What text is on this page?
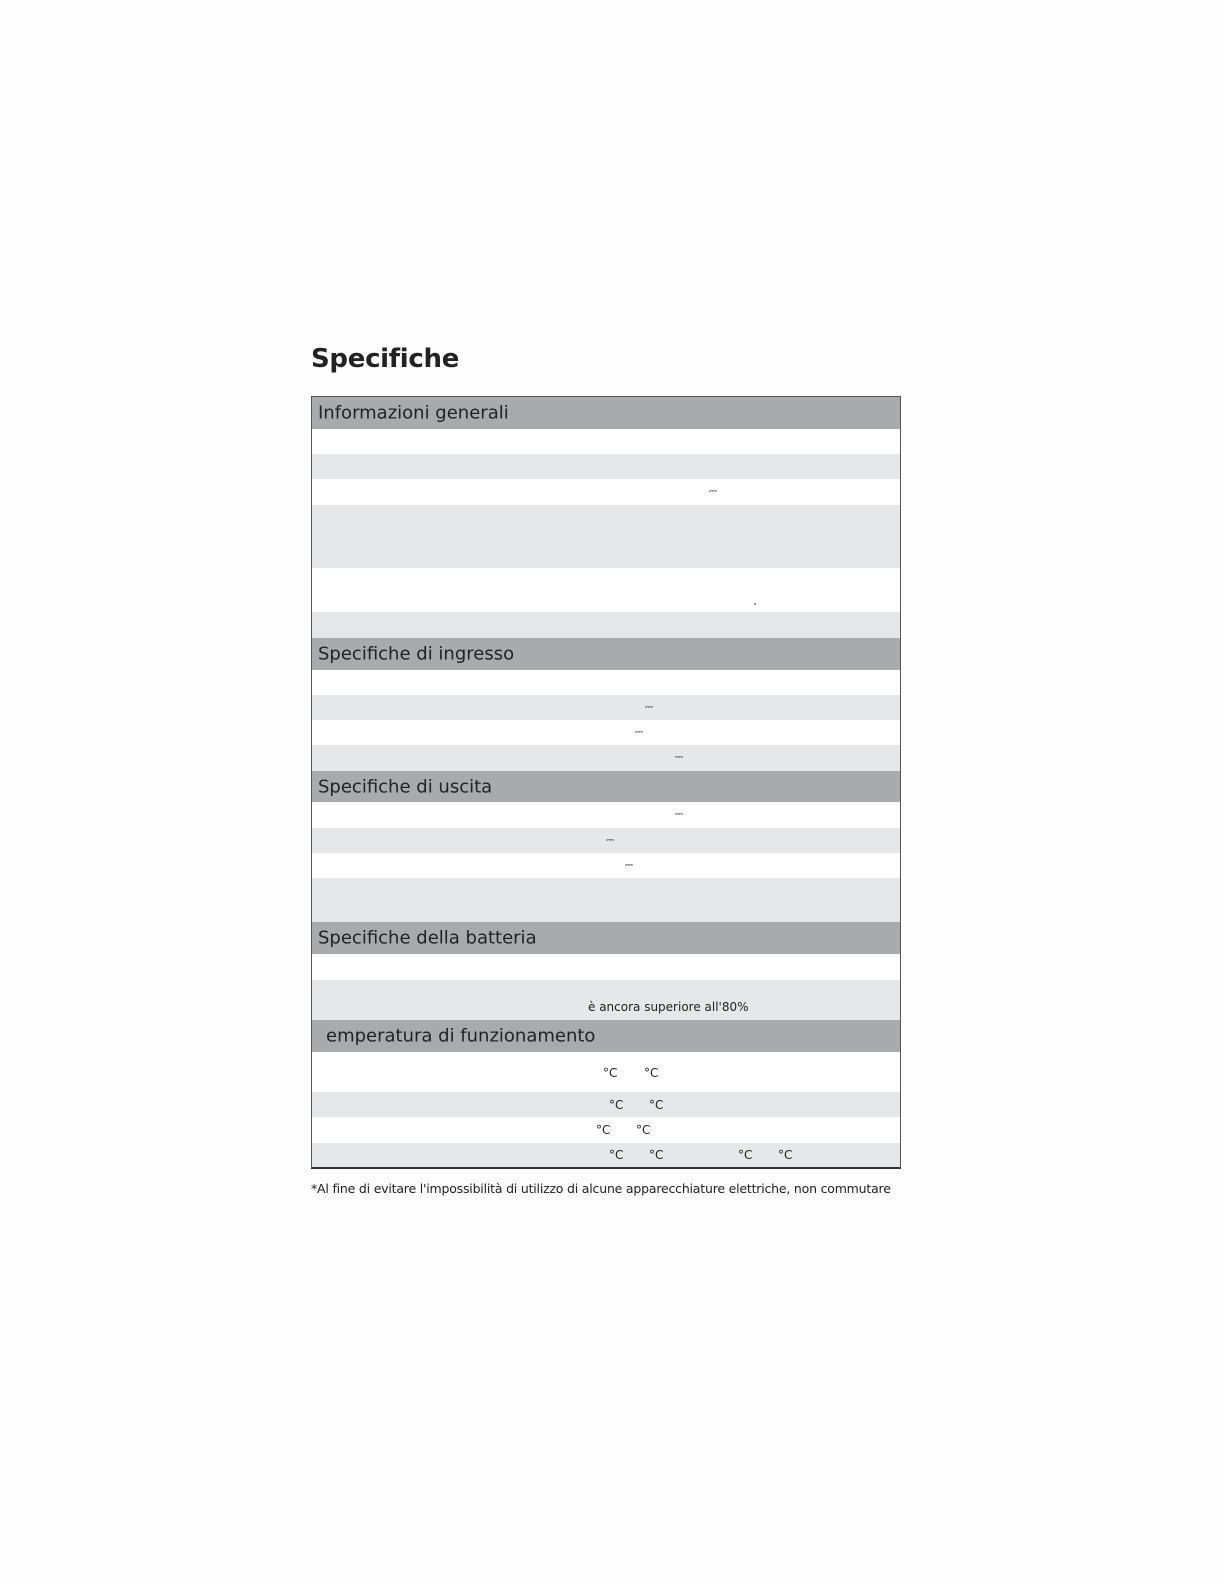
Specifiche
Informazioni generali
⎓
Specifiche di ingresso
⎓
⎓
⎓
Specifiche di uscita
⎓
⎓
⎓
Specifiche della batteria
è ancora superiore all'80%
emperatura di funzionamento
°C °C
°C °C
°C °C
°C °C	°C °C
*Al fine di evitare l'impossibilità di utilizzo di alcune apparecchiature elettriche, non commutare
